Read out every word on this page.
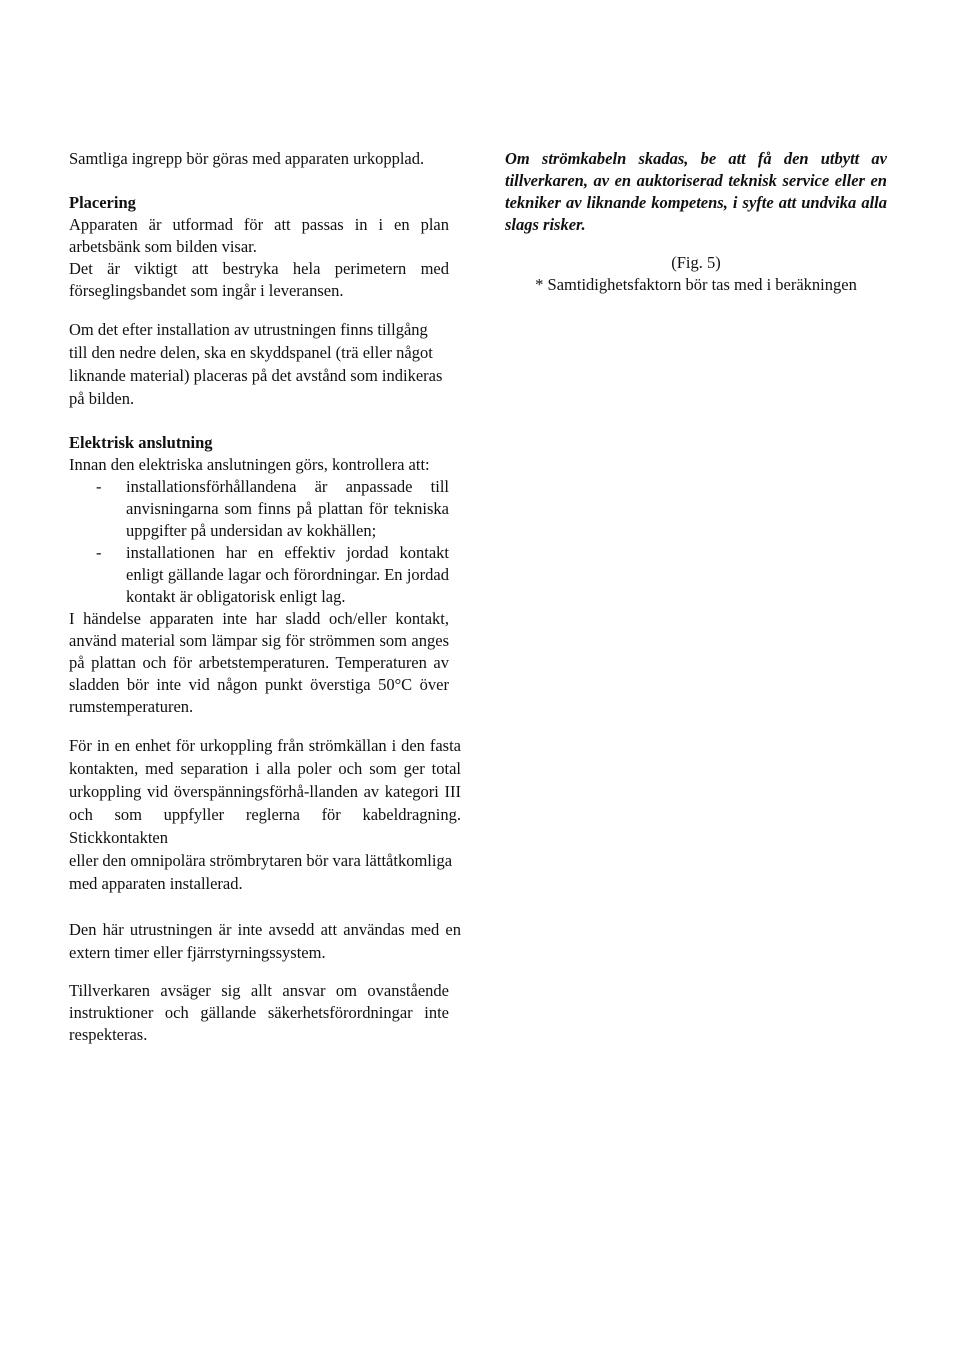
Samtliga ingrepp bör göras med apparaten urkopplad.

Placering

Apparaten är utformad för att passas in i en plan arbetsbänk som bilden visar.

Det är viktigt att bestryka hela perimetern med förseglingsbandet som ingår i leveransen.

Om det efter installation av utrustningen finns tillgång till den nedre delen, ska en skyddspanel (trä eller något liknande material) placeras på det avstånd som indikeras på bilden.

Elektrisk anslutning

Innan den elektriska anslutningen görs, kontrollera att:

- installationsförhållandena är anpassade till anvisningarna som finns på plattan för tekniska uppgifter på undersidan av kokhällen;
- installationen har en effektiv jordad kontakt enligt gällande lagar och förordningar. En jordad kontakt är obligatorisk enligt lag.

I händelse apparaten inte har sladd och/eller kontakt, använd material som lämpar sig för strömmen som anges på plattan och för arbetstemperaturen. Temperaturen av sladden bör inte vid någon punkt överstiga 50°C över rumstemperaturen.

För in en enhet för urkoppling från strömkällan i den fasta kontakten, med separation i alla poler och som ger total urkoppling vid överspänningsförhå-llanden av kategori III och som uppfyller reglerna för kabeldragning. Stickkontakten

eller den omnipolära strömbrytaren bör vara lättåtkomliga med apparaten installerad.

Den här utrustningen är inte avsedd att användas med en extern timer eller fjärrstyrningssystem.

Tillverkaren avsäger sig allt ansvar om ovanstående instruktioner och gällande säkerhetsförordningar inte respekteras.

Om strömkabeln skadas, be att få den utbytt av tillverkaren, av en auktoriserad teknisk service eller en tekniker av liknande kompetens, i syfte att undvika alla slags risker.

(Fig. 5)

* Samtidighetsfaktorn bör tas med i beräkningen
